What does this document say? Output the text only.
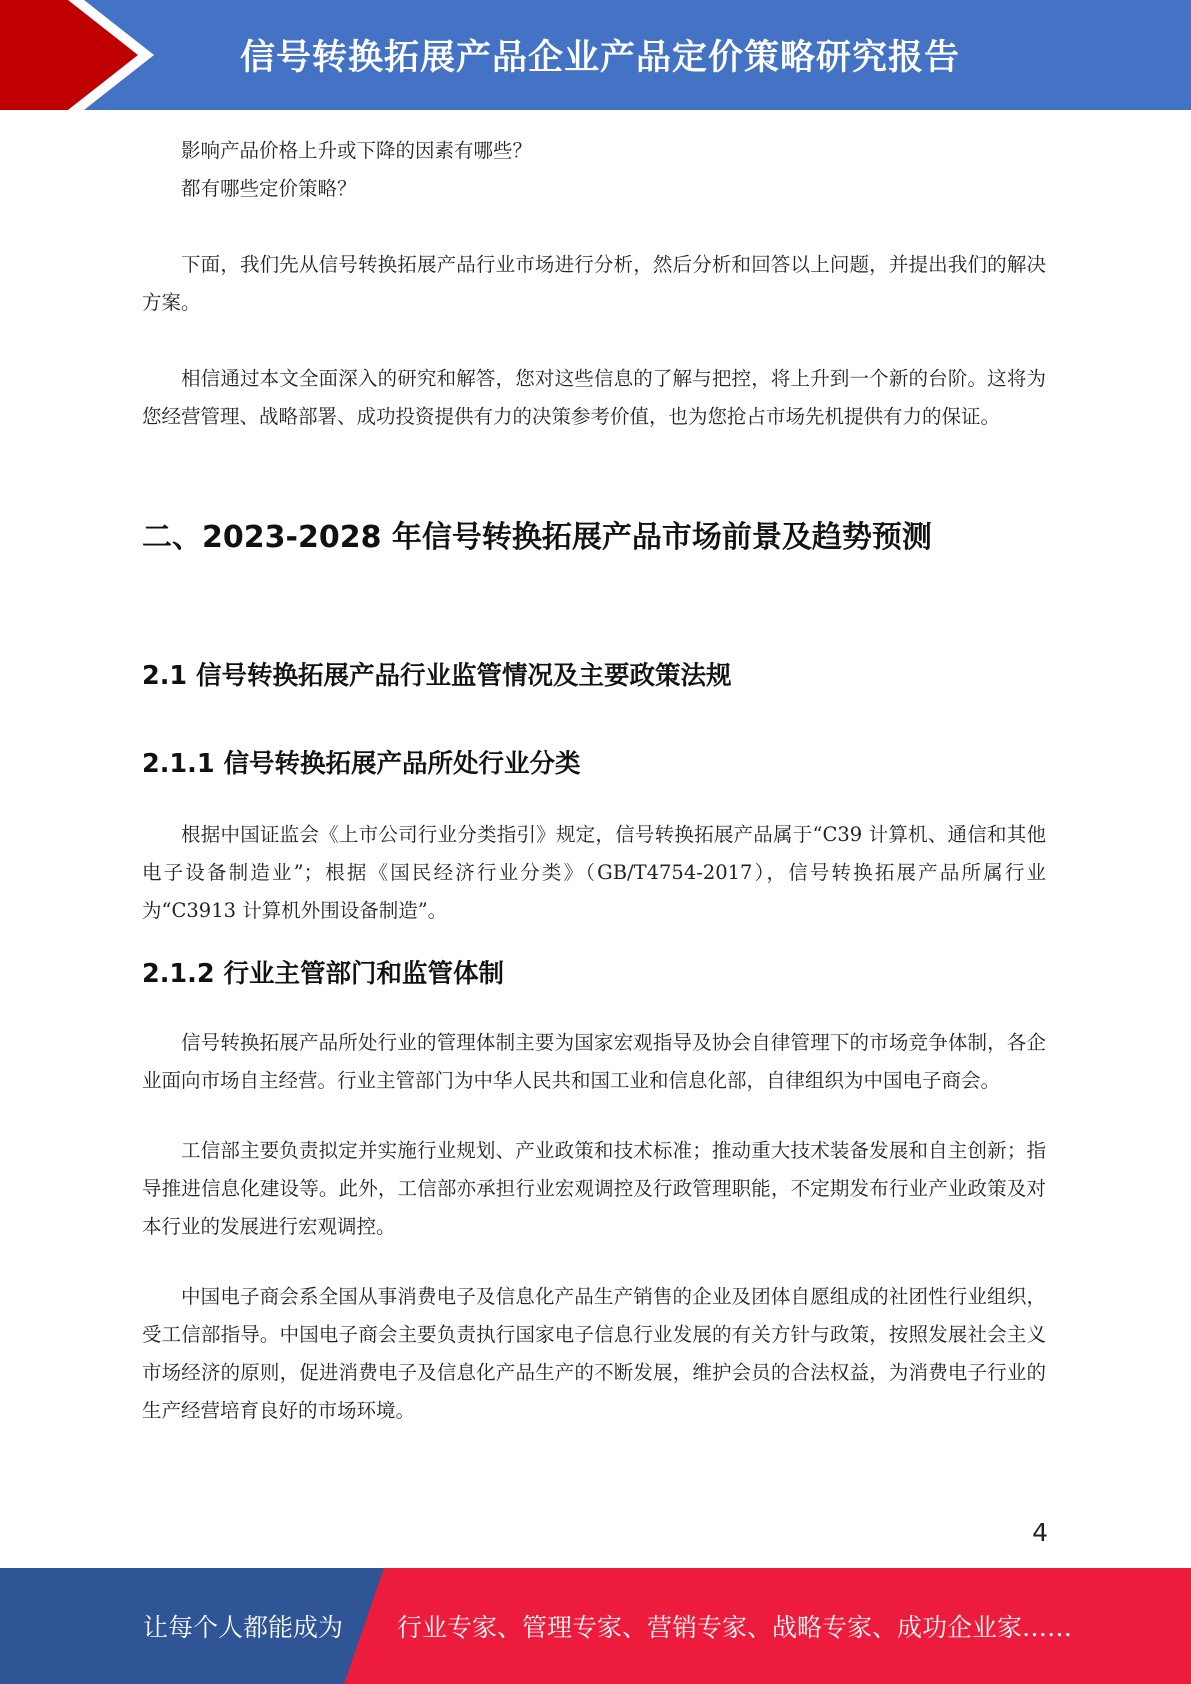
信号转换拓展产品企业产品定价策略研究报告

影响产品价格上升或下降的因素有哪些？

都有哪些定价策略？

下面，我们先从信号转换拓展产品行业市场进行分析，然后分析和回答以上问题，并提出我们的解决方案。

相信通过本文全面深入的研究和解答，您对这些信息的了解与把控，将上升到一个新的台阶。这将为您经营管理、战略部署、成功投资提供有力的决策参考价值，也为您抢占市场先机提供有力的保证。

二、2023-2028 年信号转换拓展产品市场前景及趋势预测
2.1 信号转换拓展产品行业监管情况及主要政策法规
2.1.1 信号转换拓展产品所处行业分类

根据中国证监会《上市公司行业分类指引》规定，信号转换拓展产品属于“C39 计算机、通信和其他电子设备制造业”；根据《国民经济行业分类》（GB/T4754-2017），信号转换拓展产品所属行业为“C3913 计算机外围设备制造”。

2.1.2 行业主管部门和监管体制

信号转换拓展产品所处行业的管理体制主要为国家宏观指导及协会自律管理下的市场竞争体制，各企业面向市场自主经营。行业主管部门为中华人民共和国工业和信息化部，自律组织为中国电子商会。

工信部主要负责拟定并实施行业规划、产业政策和技术标准；推动重大技术装备发展和自主创新；指导推进信息化建设等。此外，工信部亦承担行业宏观调控及行政管理职能，不定期发布行业产业政策及对本行业的发展进行宏观调控。

中国电子商会系全国从事消费电子及信息化产品生产销售的企业及团体自愿组成的社团性行业组织，受工信部指导。中国电子商会主要负责执行国家电子信息行业发展的有关方针与政策，按照发展社会主义市场经济的原则，促进消费电子及信息化产品生产的不断发展，维护会员的合法权益，为消费电子行业的生产经营培育良好的市场环境。

4
让每个人都能成为 行业专家、管理专家、营销专家、战略专家、成功企业家……
